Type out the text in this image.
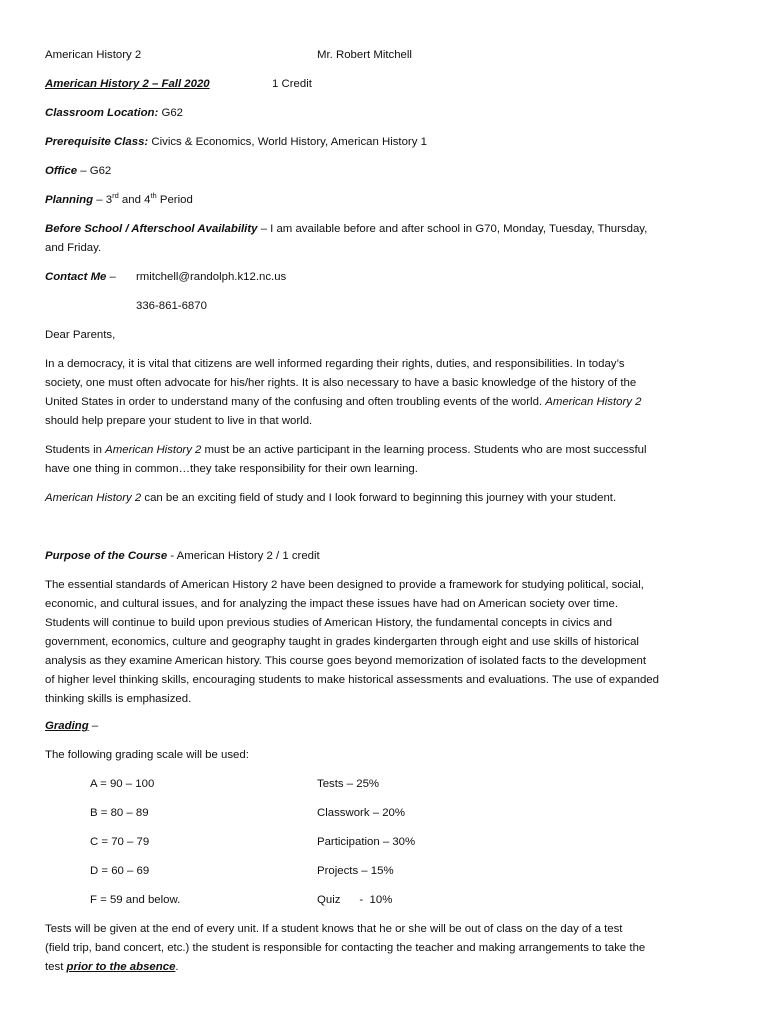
American History 2	Mr. Robert Mitchell
American History 2 – Fall 2020	1 Credit
Classroom Location: G62
Prerequisite Class: Civics & Economics, World History, American History 1
Office – G62
Planning – 3rd and 4th Period
Before School / Afterschool Availability – I am available before and after school in G70, Monday, Tuesday, Thursday,
and Friday.
Contact Me – rmitchell@randolph.k12.nc.us
336-861-6870
Dear Parents,
In a democracy, it is vital that citizens are well informed regarding their rights, duties, and responsibilities. In today’s
society, one must often advocate for his/her rights. It is also necessary to have a basic knowledge of the history of the
United States in order to understand many of the confusing and often troubling events of the world. American History 2
should help prepare your student to live in that world.
Students in American History 2 must be an active participant in the learning process. Students who are most successful
have one thing in common…they take responsibility for their own learning.
American History 2 can be an exciting field of study and I look forward to beginning this journey with your student.
Purpose of the Course - American History 2 / 1 credit
The essential standards of American History 2 have been designed to provide a framework for studying political, social,
economic, and cultural issues, and for analyzing the impact these issues have had on American society over time.
Students will continue to build upon previous studies of American History, the fundamental concepts in civics and
government, economics, culture and geography taught in grades kindergarten through eight and use skills of historical
analysis as they examine American history. This course goes beyond memorization of isolated facts to the development
of higher level thinking skills, encouraging students to make historical assessments and evaluations. The use of expanded
thinking skills is emphasized.
Grading –
The following grading scale will be used:
A = 90 – 100	Tests – 25%
B = 80 – 89	Classwork – 20%
C = 70 – 79	Participation – 30%
D = 60 – 69	Projects – 15%
F = 59 and below.	Quiz      -  10%
Tests will be given at the end of every unit. If a student knows that he or she will be out of class on the day of a test
(field trip, band concert, etc.) the student is responsible for contacting the teacher and making arrangements to take the
test prior to the absence.
